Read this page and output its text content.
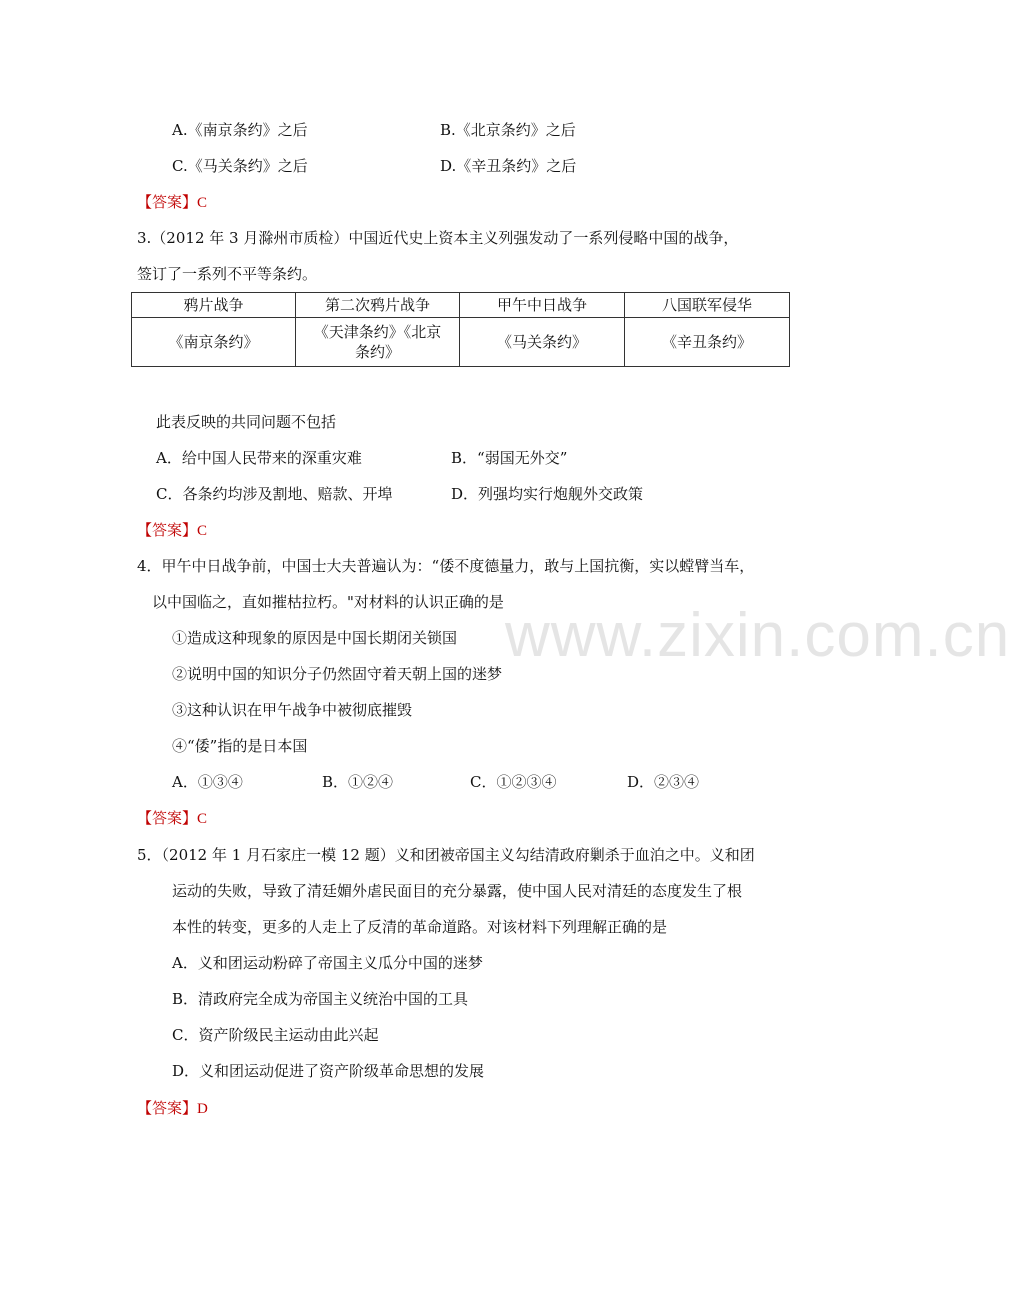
www.zixin.com.cn
A.《南京条约》之后	B.《北京条约》之后
C.《马关条约》之后	D.《辛丑条约》之后
【答案】C
3.（2012 年 3 月滁州市质检）中国近代史上资本主义列强发动了一系列侵略中国的战争，
签订了一系列不平等条约。
鸦片战争	第二次鸦片战争	甲午中日战争	八国联军侵华
《南京条约》	《天津条约》《北京条约》	《马关条约》	《辛丑条约》
此表反映的共同问题不包括
A．给中国人民带来的深重灾难	B．“弱国无外交”
C．各条约均涉及割地、赔款、开埠	D．列强均实行炮舰外交政策
【答案】C
4．甲午中日战争前，中国士大夫普遍认为：“倭不度德量力，敢与上国抗衡，实以螳臂当车，
以中国临之，直如摧枯拉朽。"对材料的认识正确的是
①造成这种现象的原因是中国长期闭关锁国
②说明中国的知识分子仍然固守着天朝上国的迷梦
③这种认识在甲午战争中被彻底摧毁
④“倭”指的是日本国
A．①③④	B．①②④	C．①②③④	D．②③④
【答案】C
5．（2012 年 1 月石家庄一模 12 题）义和团被帝国主义勾结清政府剿杀于血泊之中。义和团
运动的失败，导致了清廷媚外虐民面目的充分暴露，使中国人民对清廷的态度发生了根
本性的转变，更多的人走上了反清的革命道路。对该材料下列理解正确的是
A．义和团运动粉碎了帝国主义瓜分中国的迷梦
B．清政府完全成为帝国主义统治中国的工具
C．资产阶级民主运动由此兴起
D．义和团运动促进了资产阶级革命思想的发展
【答案】D
